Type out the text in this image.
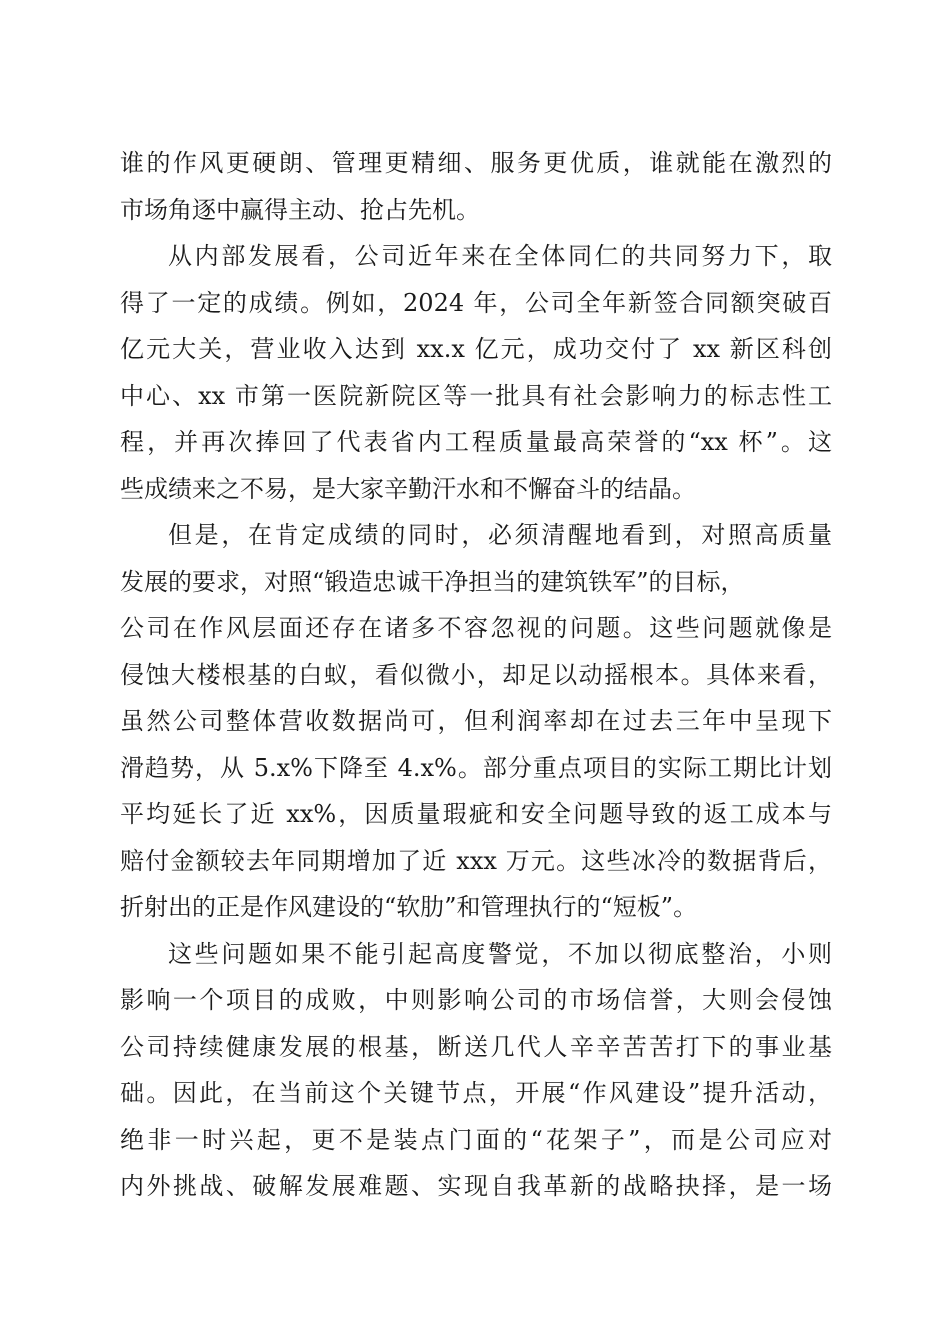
谁的作风更硬朗、管理更精细、服务更优质，谁就能在激烈的
市场角逐中赢得主动、抢占先机。
从内部发展看，公司近年来在全体同仁的共同努力下，取
得了一定的成绩。例如，2024 年，公司全年新签合同额突破百
亿元大关，营业收入达到 xx.x 亿元，成功交付了 xx 新区科创
中心、xx 市第一医院新院区等一批具有社会影响力的标志性工
程，并再次捧回了代表省内工程质量最高荣誉的“xx 杯”。这
些成绩来之不易，是大家辛勤汗水和不懈奋斗的结晶。
但是，在肯定成绩的同时，必须清醒地看到，对照高质量
发展的要求，对照“锻造忠诚干净担当的建筑铁军”的目标，
公司在作风层面还存在诸多不容忽视的问题。这些问题就像是
侵蚀大楼根基的白蚁，看似微小，却足以动摇根本。具体来看，
虽然公司整体营收数据尚可，但利润率却在过去三年中呈现下
滑趋势，从 5.x%下降至 4.x%。部分重点项目的实际工期比计划
平均延长了近 xx%，因质量瑕疵和安全问题导致的返工成本与
赔付金额较去年同期增加了近 xxx 万元。这些冰冷的数据背后，
折射出的正是作风建设的“软肋”和管理执行的“短板”。
这些问题如果不能引起高度警觉，不加以彻底整治，小则
影响一个项目的成败，中则影响公司的市场信誉，大则会侵蚀
公司持续健康发展的根基，断送几代人辛辛苦苦打下的事业基
础。因此，在当前这个关键节点，开展“作风建设”提升活动，
绝非一时兴起，更不是装点门面的“花架子”，而是公司应对
内外挑战、破解发展难题、实现自我革新的战略抉择，是一场
